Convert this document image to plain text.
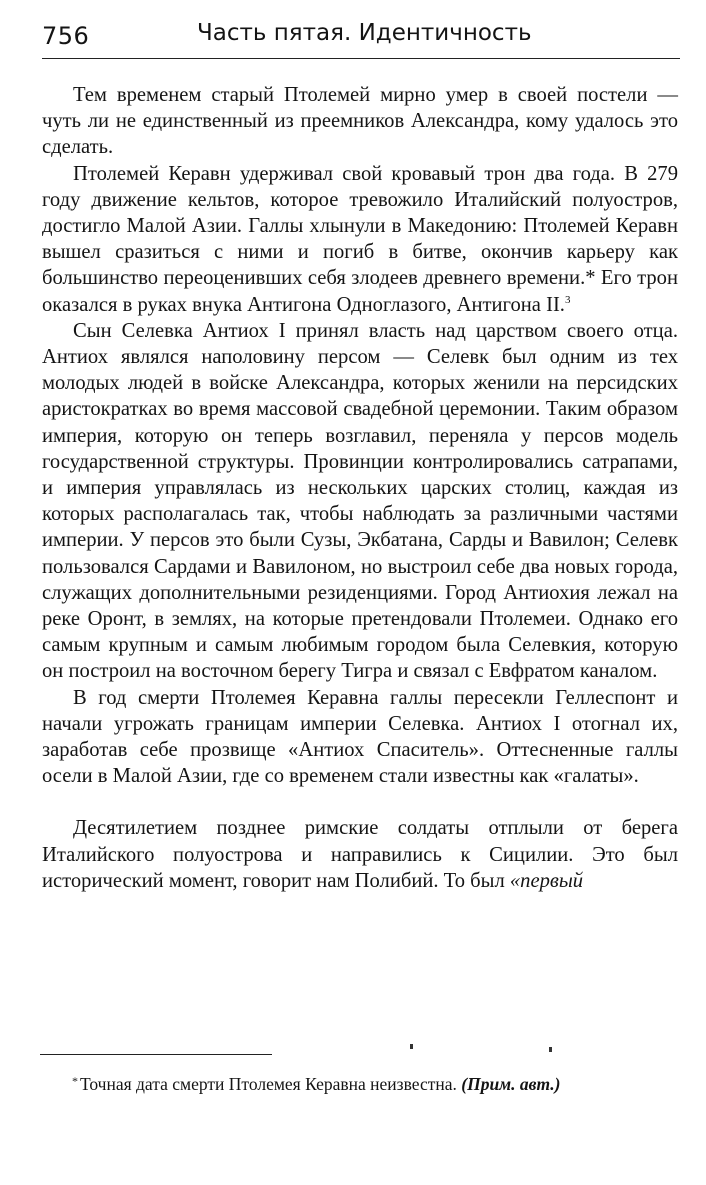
756	Часть пятая. Идентичность

Тем временем старый Птолемей мирно умер в своей постели — чуть ли не единственный из преемников Александра, кому удалось это сделать.

Птолемей Керавн удерживал свой кровавый трон два года. В 279 году движение кельтов, которое тревожило Италийский полуостров, достигло Малой Азии. Галлы хлынули в Македонию: Птолемей Керавн вышел сразиться с ними и погиб в битве, окончив карьеру как большинство переоценивших себя злодеев древнего времени.* Его трон оказался в руках внука Антигона Одноглазого, Антигона II.$^3$

Сын Селевка Антиох I принял власть над царством своего отца. Антиох являлся наполовину персом — Селевк был одним из тех молодых людей в войске Александра, которых женили на персидских аристократках во время массовой свадебной церемонии. Таким образом империя, которую он теперь возглавил, переняла у персов модель государственной структуры. Провинции контролировались сатрапами, и империя управлялась из нескольких царских столиц, каждая из которых располагалась так, чтобы наблюдать за различными частями империи. У персов это были Сузы, Экбатана, Сарды и Вавилон; Селевк пользовался Сардами и Вавилоном, но выстроил себе два новых города, служащих дополнительными резиденциями. Город Антиохия лежал на реке Оронт, в землях, на которые претендовали Птолемеи. Однако его самым крупным и самым любимым городом была Селевкия, которую он построил на восточном берегу Тигра и связал с Евфратом каналом.

В год смерти Птолемея Керавна галлы пересекли Геллеспонт и начали угрожать границам империи Селевка. Антиох I отогнал их, заработав себе прозвище «Антиох Спаситель». Оттесненные галлы осели в Малой Азии, где со временем стали известны как «галаты».

Десятилетием позднее римские солдаты отплыли от берега Италийского полуострова и направились к Сицилии. Это был исторический момент, говорит нам Полибий. То был «первый

* Точная дата смерти Птолемея Керавна неизвестна. (Прим. авт.)
